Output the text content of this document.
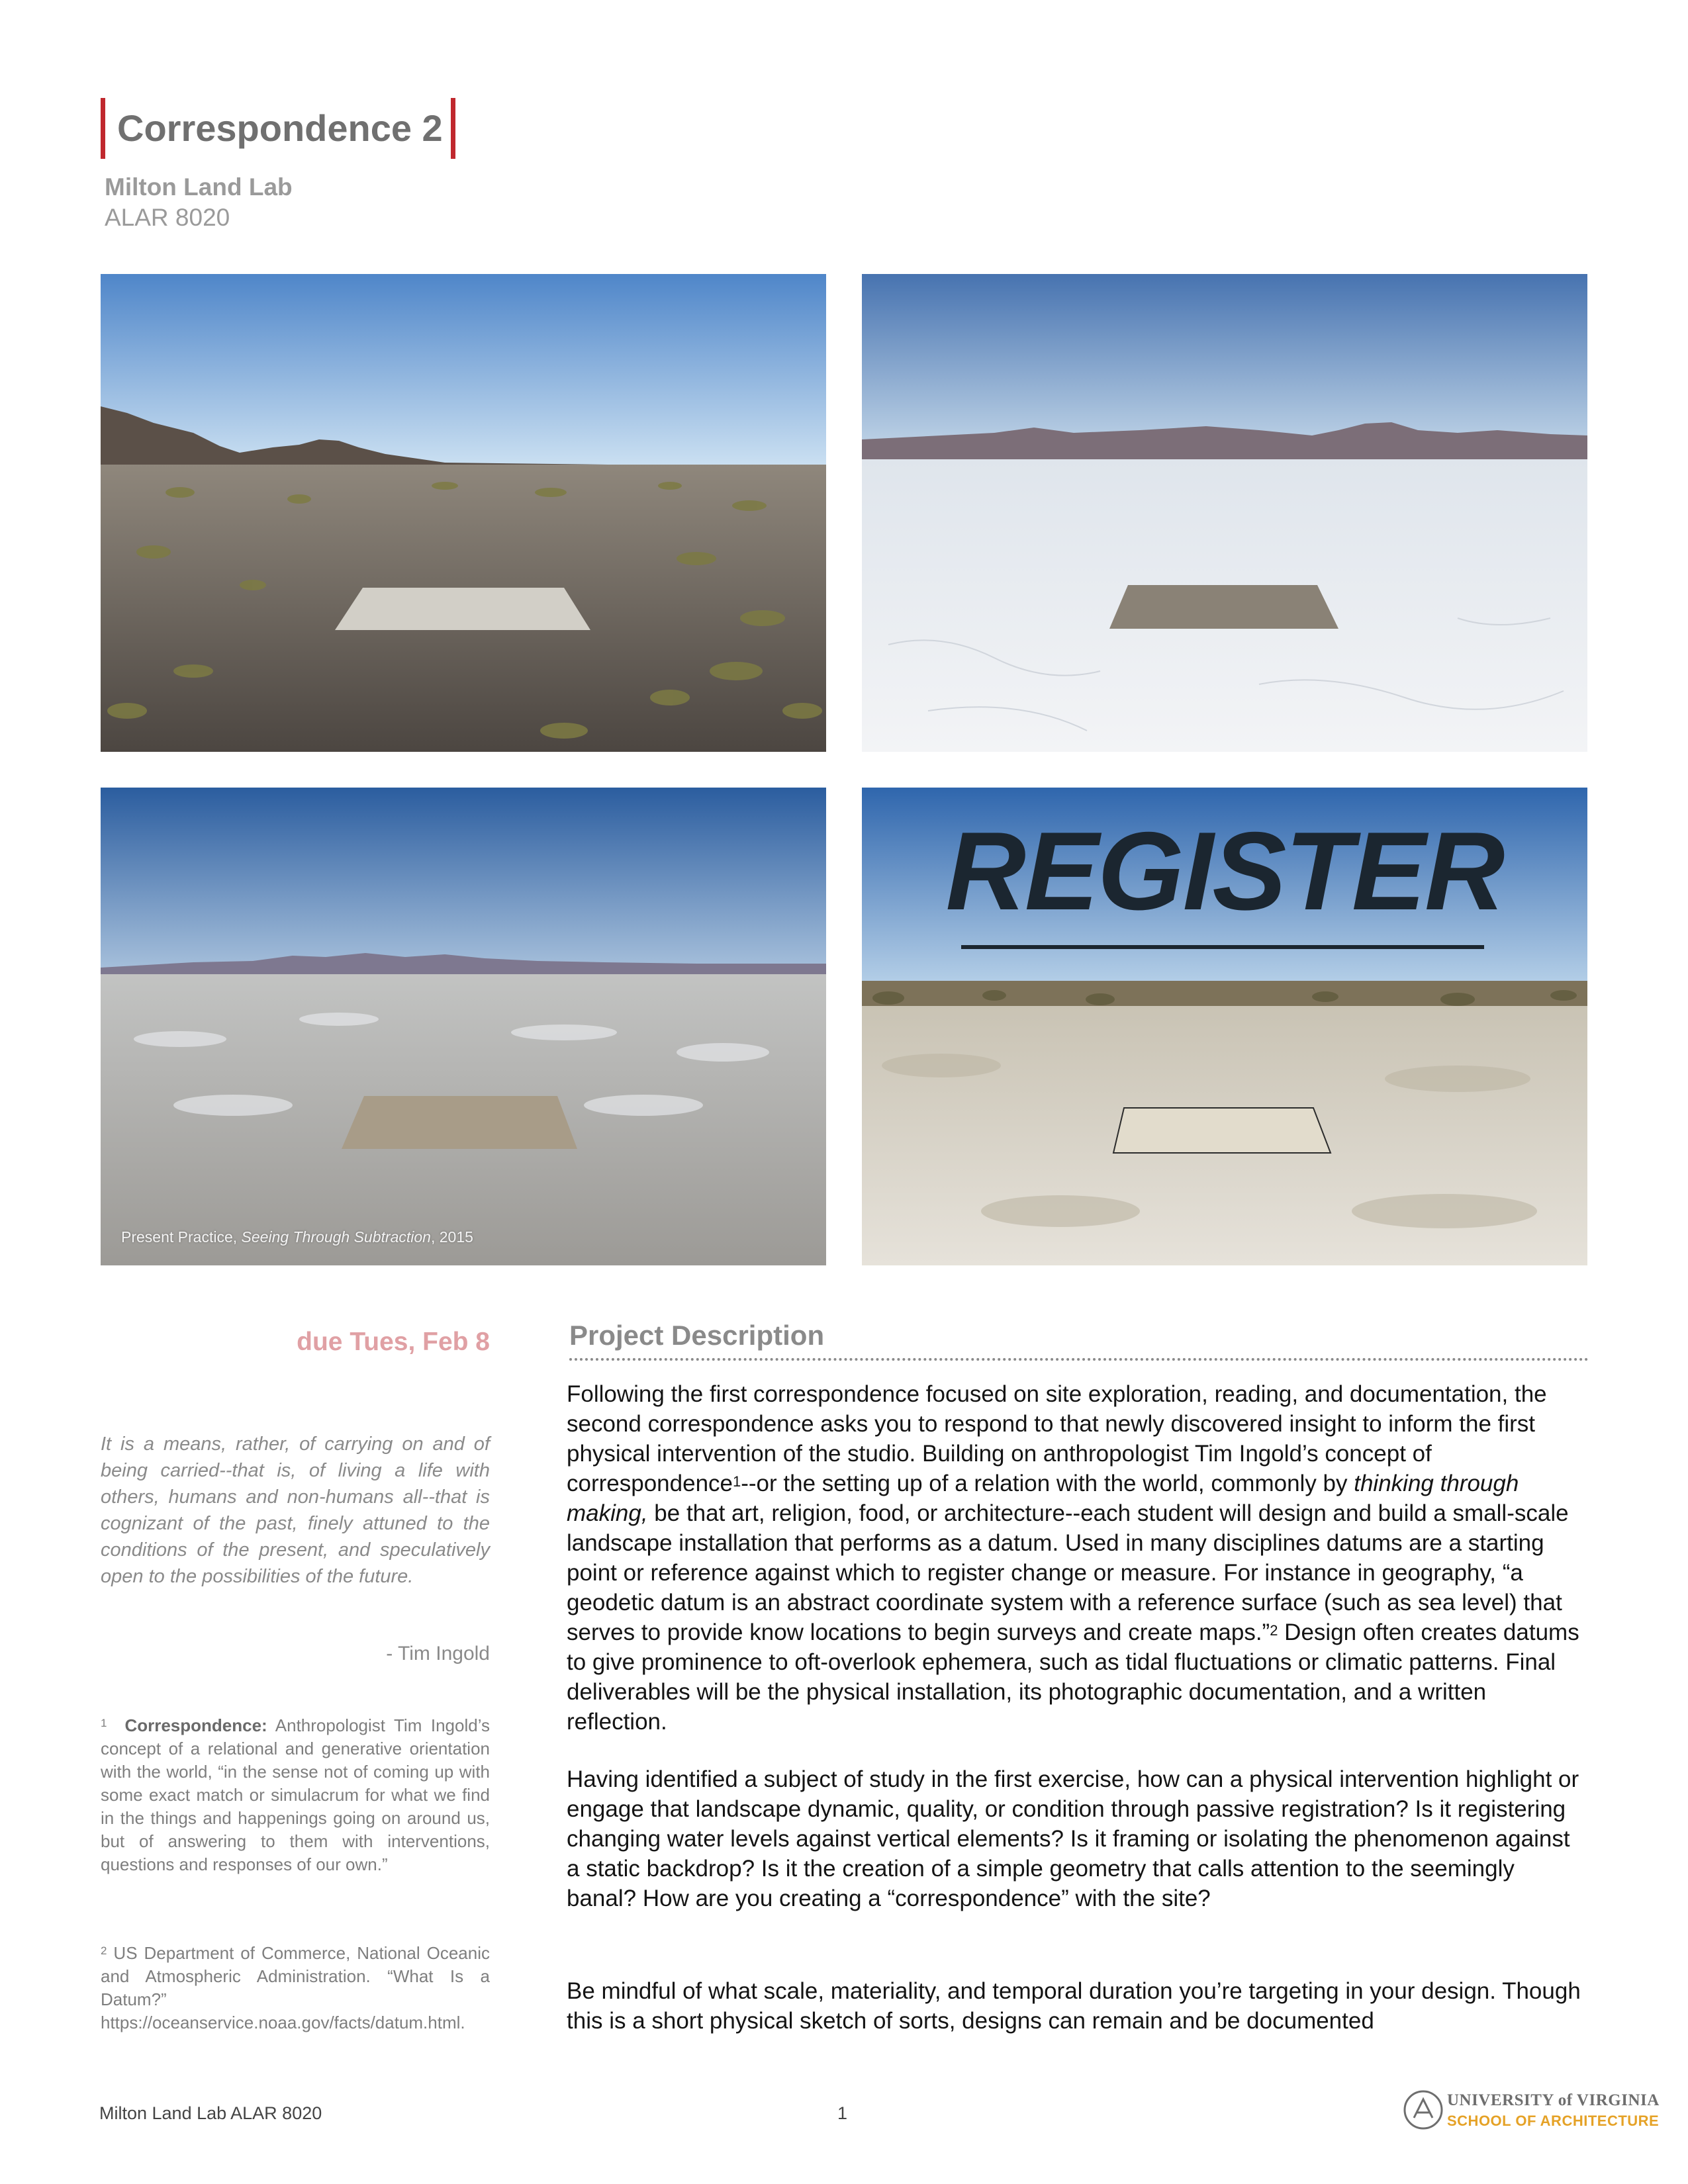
Correspondence 2
Milton Land Lab
ALAR 8020
REGISTER
Present Practice, Seeing Through Subtraction, 2015
due Tues, Feb 8
It is a means, rather, of carrying on and of being carried--that is, of living a life with others, humans and non-humans all--that is cognizant of the past, finely attuned to the conditions of the present, and speculatively open to the possibilities of the future.
- Tim Ingold
$^1$ Correspondence: Anthropologist Tim Ingold’s concept of a relational and generative orientation with the world, “in the sense not of coming up with some exact match or simulacrum for what we find in the things and happenings going on around us, but of answering to them with interventions, questions and responses of our own.”
$^2$ US Department of Commerce, National Oceanic and Atmospheric Administration. “What Is a Datum?” https://oceanservice.noaa.gov/facts/datum.html.
Project Description
Following the first correspondence focused on site exploration, reading, and documentation, the second correspondence asks you to respond to that newly discovered insight to inform the first physical intervention of the studio. Building on anthropologist Tim Ingold’s concept of correspondence$^1$--or the setting up of a relation with the world, commonly by thinking through making, be that art, religion, food, or architecture--each student will design and build a small-scale landscape installation that performs as a datum. Used in many disciplines datums are a starting point or reference against which to register change or measure. For instance in geography, “a geodetic datum is an abstract coordinate system with a reference surface (such as sea level) that serves to provide know locations to begin surveys and create maps.”$^2$ Design often creates datums to give prominence to oft-overlook ephemera, such as tidal fluctuations or climatic patterns. Final deliverables will be the physical installation, its photographic documentation, and a written reflection.
Having identified a subject of study in the first exercise, how can a physical intervention highlight or engage that landscape dynamic, quality, or condition through passive registration? Is it registering changing water levels against vertical elements? Is it framing or isolating the phenomenon against a static backdrop? Is it the creation of a simple geometry that calls attention to the seemingly banal? How are you creating a “correspondence” with the site?
Be mindful of what scale, materiality, and temporal duration you’re targeting in your design. Though this is a short physical sketch of sorts, designs can remain and be documented
Milton Land Lab ALAR 8020	1
UNIVERSITY of VIRGINIA
SCHOOL OF ARCHITECTURE
